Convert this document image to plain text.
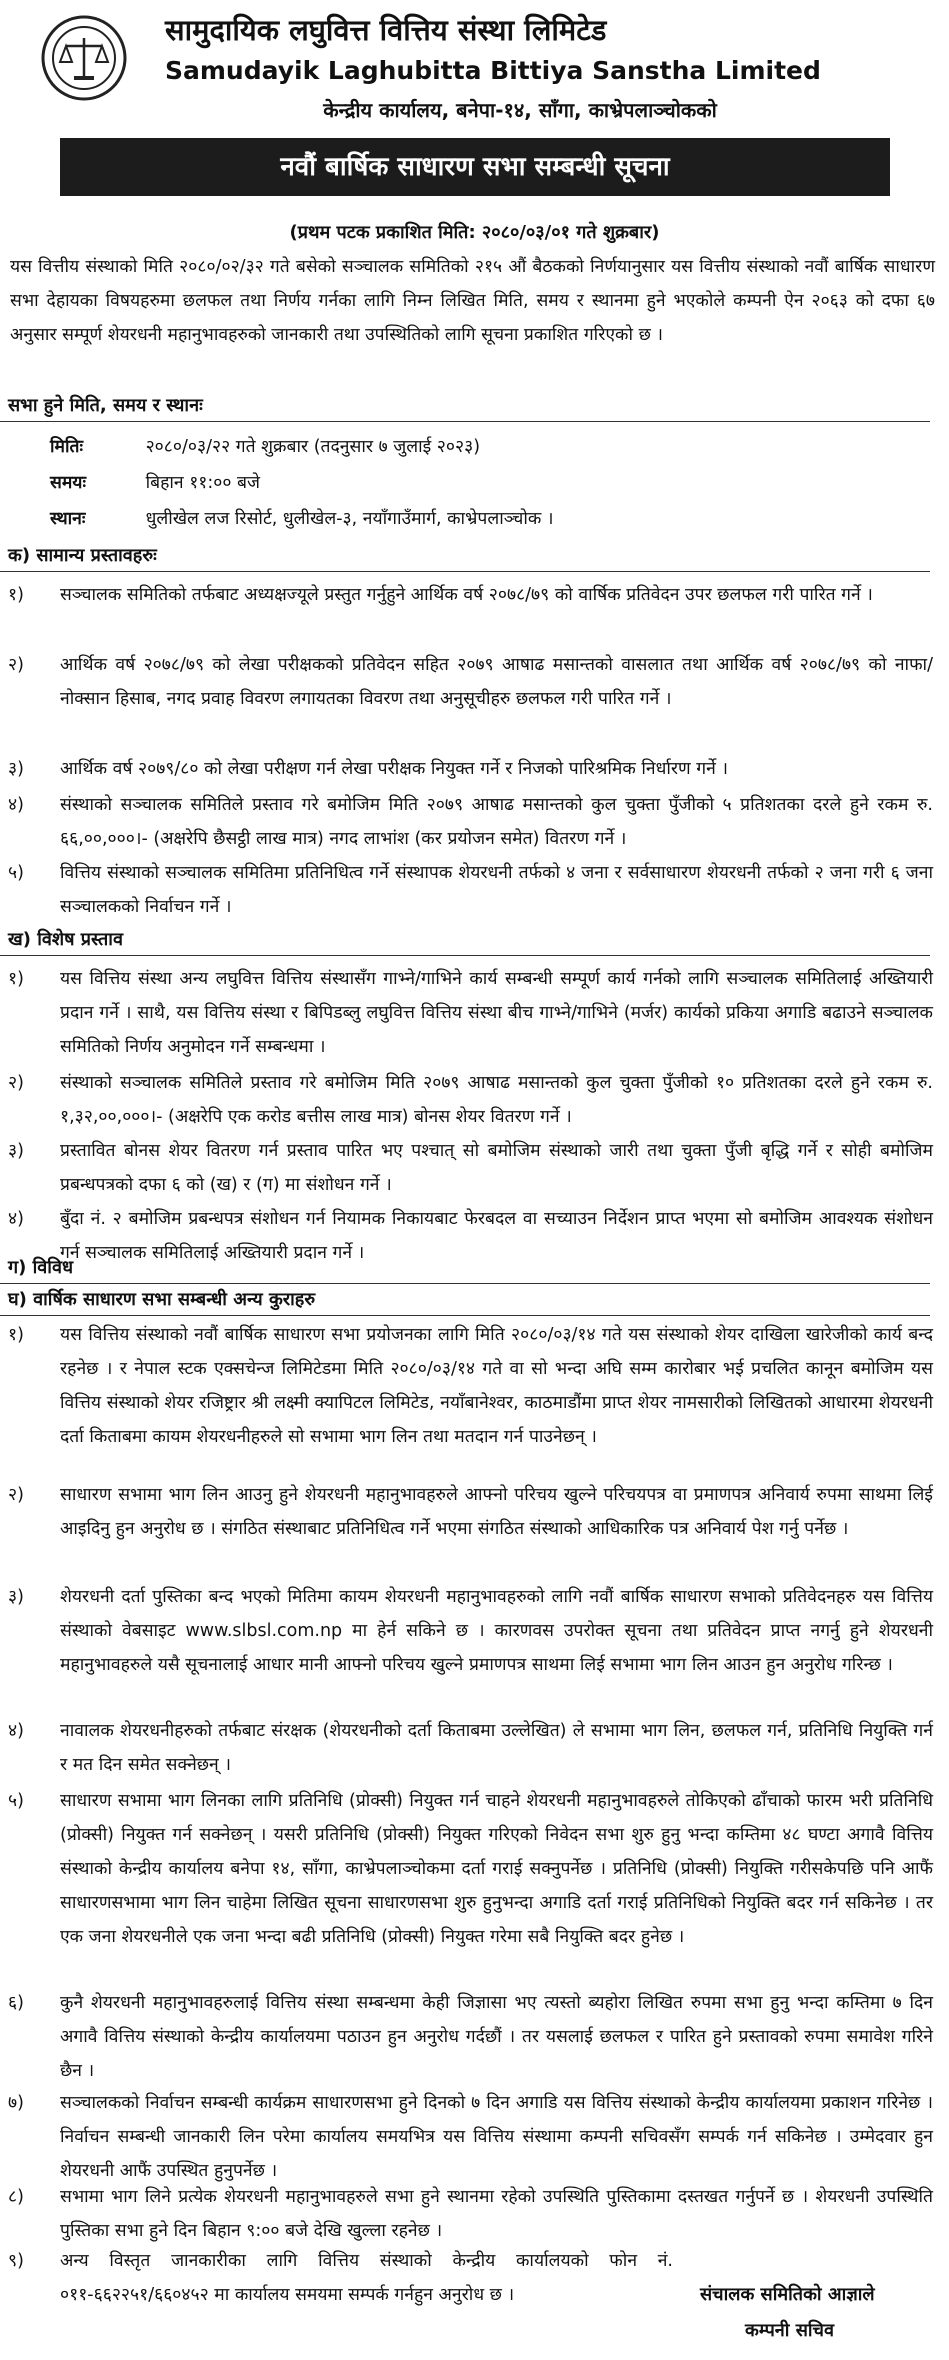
सामुदायिक लघुवित्त वित्तिय संस्था लिमिटेड
Samudayik Laghubitta Bittiya Sanstha Limited
केन्द्रीय कार्यालय, बनेपा-१४, साँगा, काभ्रेपलाञ्चोकको
नवौं बार्षिक साधारण सभा सम्बन्धी सूचना
(प्रथम पटक प्रकाशित मिति: २०८०/०३/०१ गते शुक्रबार)
यस वित्तीय संस्थाको मिति २०८०/०२/३२ गते बसेको सञ्चालक समितिको २१५ औं बैठकको निर्णयानुसार यस वित्तीय संस्थाको नवौं बार्षिक साधारण सभा देहायका विषयहरुमा छलफल तथा निर्णय गर्नका लागि निम्न लिखित मिति, समय र स्थानमा हुने भएकोले कम्पनी ऐन २०६३ को दफा ६७ अनुसार सम्पूर्ण शेयरधनी महानुभावहरुको जानकारी तथा उपस्थितिको लागि सूचना प्रकाशित गरिएको छ ।
सभा हुने मिति, समय र स्थानः
मितिः	२०८०/०३/२२ गते शुक्रबार (तदनुसार ७ जुलाई २०२३)
समयः	बिहान ११:०० बजे
स्थानः	धुलीखेल लज रिसोर्ट, धुलीखेल-३, नयाँगाउँमार्ग, काभ्रेपलाञ्चोक ।
क) सामान्य प्रस्तावहरुः
१)	सञ्चालक समितिको तर्फबाट अध्यक्षज्यूले प्रस्तुत गर्नुहुने आर्थिक वर्ष २०७८/७९ को वार्षिक प्रतिवेदन उपर छलफल गरी पारित गर्ने ।
२)	आर्थिक वर्ष २०७८/७९ को लेखा परीक्षकको प्रतिवेदन सहित २०७९ आषाढ मसान्तको वासलात तथा आर्थिक वर्ष २०७८/७९ को नाफा/नोक्सान हिसाब, नगद प्रवाह विवरण लगायतका विवरण तथा अनुसूचीहरु छलफल गरी पारित गर्ने ।
३)	आर्थिक वर्ष २०७९/८० को लेखा परीक्षण गर्न लेखा परीक्षक नियुक्त गर्ने र निजको पारिश्रमिक निर्धारण गर्ने ।
४)	संस्थाको सञ्चालक समितिले प्रस्ताव गरे बमोजिम मिति २०७९ आषाढ मसान्तको कुल चुक्ता पुँजीको ५ प्रतिशतका दरले हुने रकम रु. ६६,००,०००।- (अक्षरेपि छैसट्ठी लाख मात्र) नगद लाभांश (कर प्रयोजन समेत) वितरण गर्ने ।
५)	वित्तिय संस्थाको सञ्चालक समितिमा प्रतिनिधित्व गर्ने संस्थापक शेयरधनी तर्फको ४ जना र सर्वसाधारण शेयरधनी तर्फको २ जना गरी ६ जना सञ्चालकको निर्वाचन गर्ने ।
ख) विशेष प्रस्ताव
१)	यस वित्तिय संस्था अन्य लघुवित्त वित्तिय संस्थासँग गाभ्ने/गाभिने कार्य सम्बन्धी सम्पूर्ण कार्य गर्नको लागि सञ्चालक समितिलाई अख्तियारी प्रदान गर्ने । साथै, यस वित्तिय संस्था र बिपिडब्लु लघुवित्त वित्तिय संस्था बीच गाभ्ने/गाभिने (मर्जर) कार्यको प्रकिया अगाडि बढाउने सञ्चालक समितिको निर्णय अनुमोदन गर्ने सम्बन्धमा ।
२)	संस्थाको सञ्चालक समितिले प्रस्ताव गरे बमोजिम मिति २०७९ आषाढ मसान्तको कुल चुक्ता पुँजीको १० प्रतिशतका दरले हुने रकम रु. १,३२,००,०००।- (अक्षरेपि एक करोड बत्तीस लाख मात्र) बोनस शेयर वितरण गर्ने ।
३)	प्रस्तावित बोनस शेयर वितरण गर्न प्रस्ताव पारित भए पश्चात् सो बमोजिम संस्थाको जारी तथा चुक्ता पुँजी बृद्धि गर्ने र सोही बमोजिम प्रबन्धपत्रको दफा ६ को (ख) र (ग) मा संशोधन गर्ने ।
४)	बुँदा नं. २ बमोजिम प्रबन्धपत्र संशोधन गर्न नियामक निकायबाट फेरबदल वा सच्याउन निर्देशन प्राप्त भएमा सो बमोजिम आवश्यक संशोधन गर्न सञ्चालक समितिलाई अख्तियारी प्रदान गर्ने ।
ग) विविध
घ) वार्षिक साधारण सभा सम्बन्धी अन्य कुराहरु
१)	यस वित्तिय संस्थाको नवौं बार्षिक साधारण सभा प्रयोजनका लागि मिति २०८०/०३/१४ गते यस संस्थाको शेयर दाखिला खारेजीको कार्य बन्द रहनेछ । र नेपाल स्टक एक्सचेन्ज लिमिटेडमा मिति २०८०/०३/१४ गते वा सो भन्दा अघि सम्म कारोबार भई प्रचलित कानून बमोजिम यस वित्तिय संस्थाको शेयर रजिष्ट्रार श्री लक्ष्मी क्यापिटल लिमिटेड, नयाँबानेश्वर, काठमाडौंमा प्राप्त शेयर नामसारीको लिखितको आधारमा शेयरधनी दर्ता किताबमा कायम शेयरधनीहरुले सो सभामा भाग लिन तथा मतदान गर्न पाउनेछन् ।
२)	साधारण सभामा भाग लिन आउनु हुने शेयरधनी महानुभावहरुले आफ्नो परिचय खुल्ने परिचयपत्र वा प्रमाणपत्र अनिवार्य रुपमा साथमा लिई आइदिनु हुन अनुरोध छ । संगठित संस्थाबाट प्रतिनिधित्व गर्ने भएमा संगठित संस्थाको आधिकारिक पत्र अनिवार्य पेश गर्नु पर्नेछ ।
३)	शेयरधनी दर्ता पुस्तिका बन्द भएको मितिमा कायम शेयरधनी महानुभावहरुको लागि नवौं बार्षिक साधारण सभाको प्रतिवेदनहरु यस वित्तिय संस्थाको वेबसाइट www.slbsl.com.np मा हेर्न सकिने छ । कारणवस उपरोक्त सूचना तथा प्रतिवेदन प्राप्त नगर्नु हुने शेयरधनी महानुभावहरुले यसै सूचनालाई आधार मानी आफ्नो परिचय खुल्ने प्रमाणपत्र साथमा लिई सभामा भाग लिन आउन हुन अनुरोध गरिन्छ ।
४)	नावालक शेयरधनीहरुको तर्फबाट संरक्षक (शेयरधनीको दर्ता किताबमा उल्लेखित) ले सभामा भाग लिन, छलफल गर्न, प्रतिनिधि नियुक्ति गर्न र मत दिन समेत सक्नेछन् ।
५)	साधारण सभामा भाग लिनका लागि प्रतिनिधि (प्रोक्सी) नियुक्त गर्न चाहने शेयरधनी महानुभावहरुले तोकिएको ढाँचाको फारम भरी प्रतिनिधि (प्रोक्सी) नियुक्त गर्न सक्नेछन् । यसरी प्रतिनिधि (प्रोक्सी) नियुक्त गरिएको निवेदन सभा शुरु हुनु भन्दा कम्तिमा ४८ घण्टा अगावै वित्तिय संस्थाको केन्द्रीय कार्यालय बनेपा १४, साँगा, काभ्रेपलाञ्चोकमा दर्ता गराई सक्नुपर्नेछ । प्रतिनिधि (प्रोक्सी) नियुक्ति गरीसकेपछि पनि आफैं साधारणसभामा भाग लिन चाहेमा लिखित सूचना साधारणसभा शुरु हुनुभन्दा अगाडि दर्ता गराई प्रतिनिधिको नियुक्ति बदर गर्न सकिनेछ । तर एक जना शेयरधनीले एक जना भन्दा बढी प्रतिनिधि (प्रोक्सी) नियुक्त गरेमा सबै नियुक्ति बदर हुनेछ ।
६)	कुनै शेयरधनी महानुभावहरुलाई वित्तिय संस्था सम्बन्धमा केही जिज्ञासा भए त्यस्तो ब्यहोरा लिखित रुपमा सभा हुनु भन्दा कम्तिमा ७ दिन अगावै वित्तिय संस्थाको केन्द्रीय कार्यालयमा पठाउन हुन अनुरोध गर्दछौं । तर यसलाई छलफल र पारित हुने प्रस्तावको रुपमा समावेश गरिने छैन ।
७)	सञ्चालकको निर्वाचन सम्बन्धी कार्यक्रम साधारणसभा हुने दिनको ७ दिन अगाडि यस वित्तिय संस्थाको केन्द्रीय कार्यालयमा प्रकाशन गरिनेछ । निर्वाचन सम्बन्धी जानकारी लिन परेमा कार्यालय समयभित्र यस वित्तिय संस्थामा कम्पनी सचिवसँग सम्पर्क गर्न सकिनेछ । उम्मेदवार हुन शेयरधनी आफैं उपस्थित हुनुपर्नेछ ।
८)	सभामा भाग लिने प्रत्येक शेयरधनी महानुभावहरुले सभा हुने स्थानमा रहेको उपस्थिति पुस्तिकामा दस्तखत गर्नुपर्ने छ । शेयरधनी उपस्थिति पुस्तिका सभा हुने दिन बिहान ९:०० बजे देखि खुल्ला रहनेछ ।
९)	अन्य विस्तृत जानकारीका लागि वित्तिय संस्थाको केन्द्रीय कार्यालयको फोन नं. ०११-६६२२५१/६६०४५२ मा कार्यालय समयमा सम्पर्क गर्नहुन अनुरोध छ ।	संचालक समितिको आज्ञाले
कम्पनी सचिव
